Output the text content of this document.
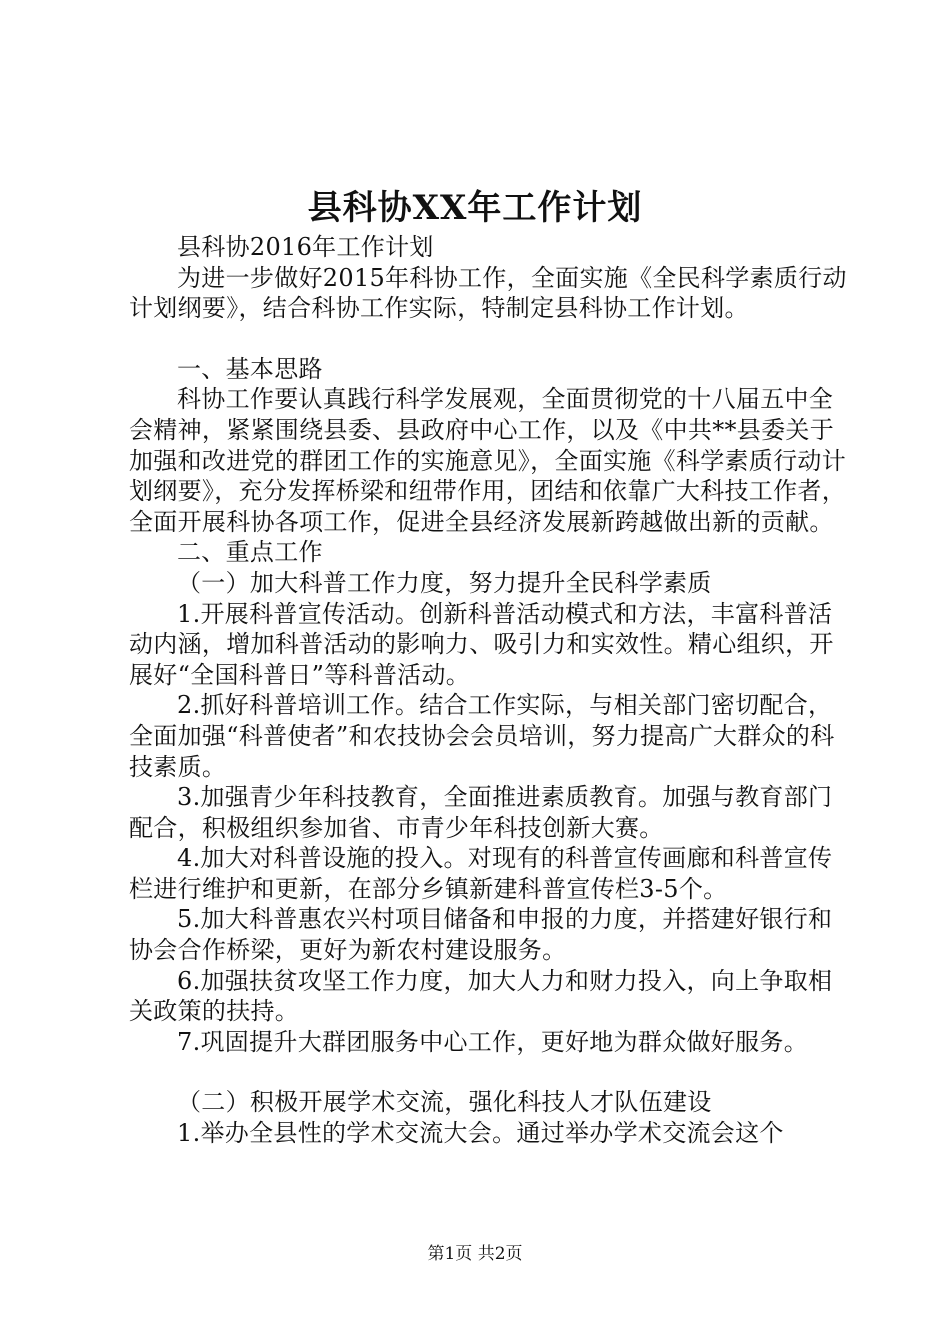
县科协XX年工作计划

县科协2016年工作计划

为进一步做好2015年科协工作，全面实施《全民科学素质行动计划纲要》，结合科协工作实际，特制定县科协工作计划。

一、基本思路

科协工作要认真践行科学发展观，全面贯彻党的十八届五中全会精神，紧紧围绕县委、县政府中心工作，以及《中共**县委关于加强和改进党的群团工作的实施意见》，全面实施《科学素质行动计划纲要》，充分发挥桥梁和纽带作用，团结和依靠广大科技工作者，全面开展科协各项工作，促进全县经济发展新跨越做出新的贡献。

二、重点工作

（一）加大科普工作力度，努力提升全民科学素质

1.开展科普宣传活动。创新科普活动模式和方法，丰富科普活动内涵，增加科普活动的影响力、吸引力和实效性。精心组织，开展好“全国科普日”等科普活动。

2.抓好科普培训工作。结合工作实际，与相关部门密切配合，全面加强“科普使者”和农技协会会员培训，努力提高广大群众的科技素质。

3.加强青少年科技教育，全面推进素质教育。加强与教育部门配合，积极组织参加省、市青少年科技创新大赛。

4.加大对科普设施的投入。对现有的科普宣传画廊和科普宣传栏进行维护和更新，在部分乡镇新建科普宣传栏3-5个。

5.加大科普惠农兴村项目储备和申报的力度，并搭建好银行和协会合作桥梁，更好为新农村建设服务。

6.加强扶贫攻坚工作力度，加大人力和财力投入，向上争取相关政策的扶持。

7.巩固提升大群团服务中心工作，更好地为群众做好服务。

（二）积极开展学术交流，强化科技人才队伍建设

1.举办全县性的学术交流大会。通过举办学术交流会这个

第1页 共2页
